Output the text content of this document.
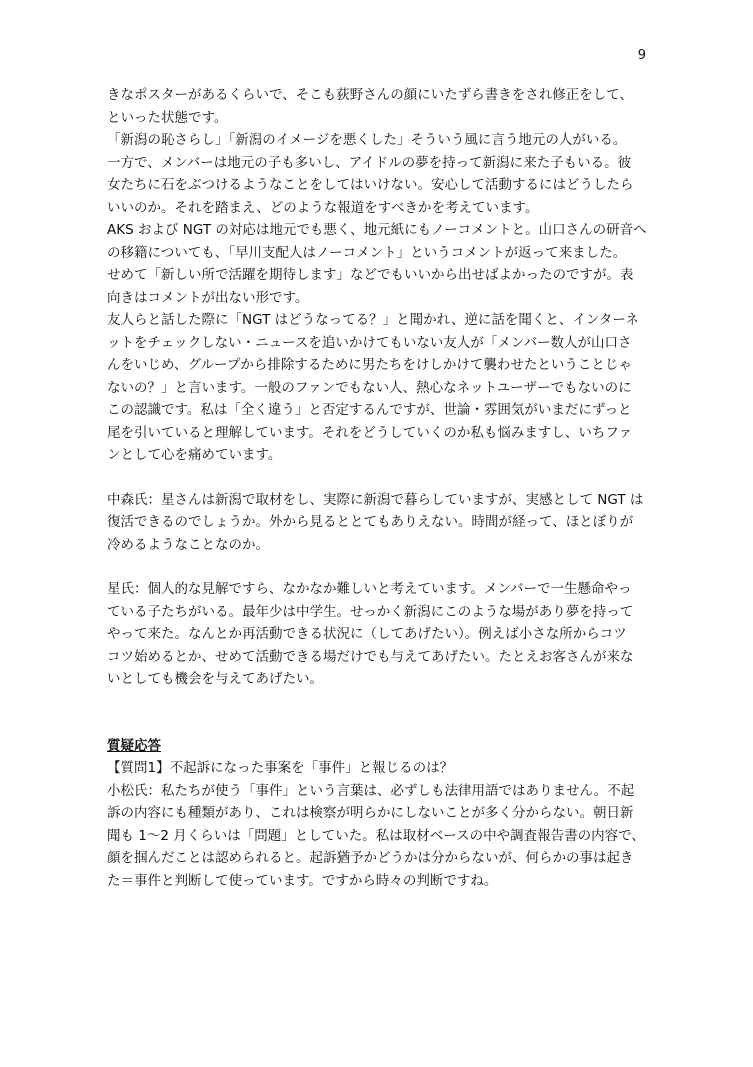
9

きなポスターがあるくらいで、そこも荻野さんの顔にいたずら書きをされ修正をして、

といった状態です。

「新潟の恥さらし」「新潟のイメージを悪くした」そういう風に言う地元の人がいる。

一方で、メンバーは地元の子も多いし、アイドルの夢を持って新潟に来た子もいる。彼

女たちに石をぶつけるようなことをしてはいけない。安心して活動するにはどうしたら

いいのか。それを踏まえ、どのような報道をすべきかを考えています。

AKS および NGT の対応は地元でも悪く、地元紙にもノーコメントと。山口さんの研音へ

の移籍についても、「早川支配人はノーコメント」というコメントが返って来ました。

せめて「新しい所で活躍を期待します」などでもいいから出せばよかったのですが。表

向きはコメントが出ない形です。

友人らと話した際に「NGT はどうなってる？」と聞かれ、逆に話を聞くと、インターネ

ットをチェックしない・ニュースを追いかけてもいない友人が「メンバー数人が山口さ

んをいじめ、グループから排除するために男たちをけしかけて襲わせたということじゃ

ないの？」と言います。一般のファンでもない人、熱心なネットユーザーでもないのに

この認識です。私は「全く違う」と否定するんですが、世論・雰囲気がいまだにずっと

尾を引いていると理解しています。それをどうしていくのか私も悩みますし、いちファ

ンとして心を痛めています。

中森氏：星さんは新潟で取材をし、実際に新潟で暮らしていますが、実感として NGT は

復活できるのでしょうか。外から見るととてもありえない。時間が経って、ほとぼりが

冷めるようなことなのか。

星氏：個人的な見解ですら、なかなか難しいと考えています。メンバーで一生懸命やっ

ている子たちがいる。最年少は中学生。せっかく新潟にこのような場があり夢を持って

やって来た。なんとか再活動できる状況に（してあげたい）。例えば小さな所からコツ

コツ始めるとか、せめて活動できる場だけでも与えてあげたい。たとえお客さんが来な

いとしても機会を与えてあげたい。

質疑応答

【質問1】不起訴になった事案を「事件」と報じるのは？

小松氏：私たちが使う「事件」という言葉は、必ずしも法律用語ではありません。不起

訴の内容にも種類があり、これは検察が明らかにしないことが多く分からない。朝日新

聞も 1～2 月くらいは「問題」としていた。私は取材ベースの中や調査報告書の内容で、

顔を掴んだことは認められると。起訴猶予かどうかは分からないが、何らかの事は起き

た＝事件と判断して使っています。ですから時々の判断ですね。
